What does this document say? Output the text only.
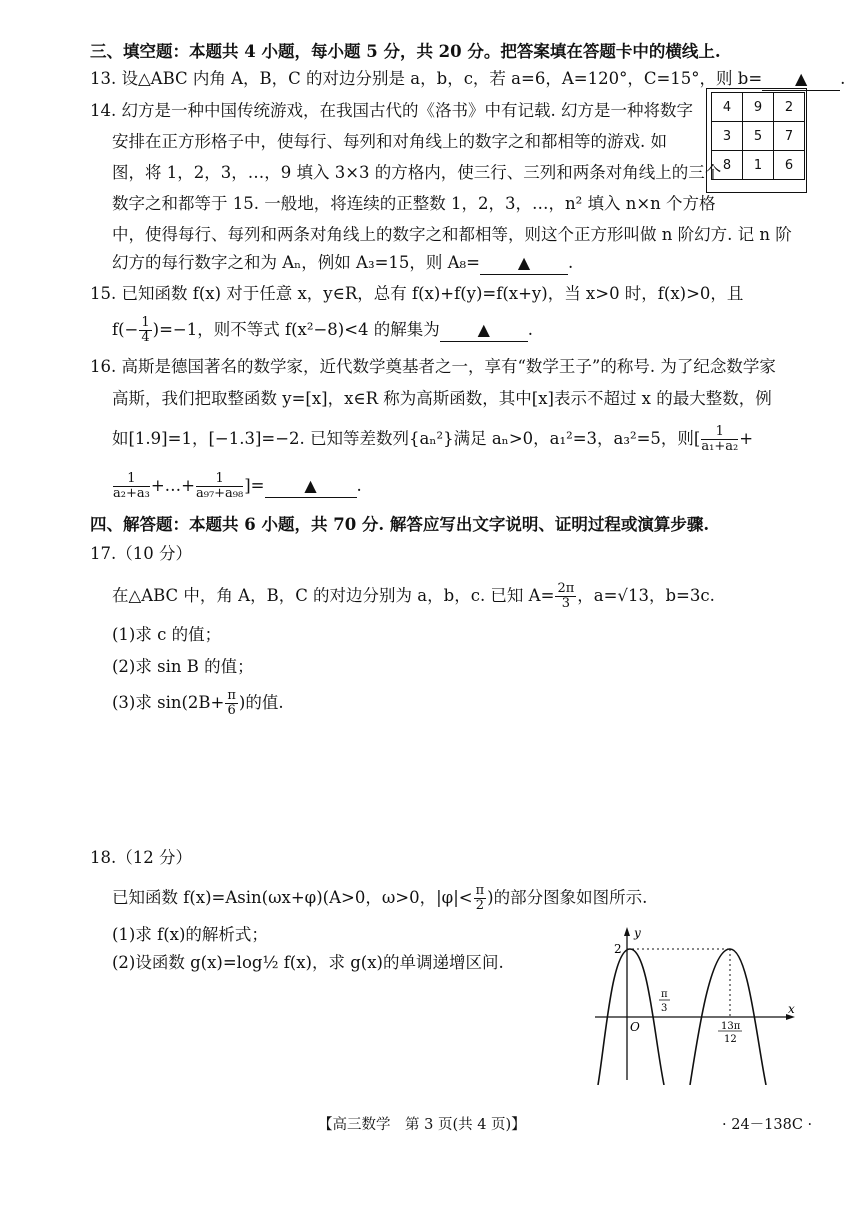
三、填空题：本题共 4 小题，每小题 5 分，共 20 分。把答案填在答题卡中的横线上.
13. 设△ABC 内角 A，B，C 的对边分别是 a，b，c，若 a=6，A=120°，C=15°，则 b= ▲ .
14. 幻方是一种中国传统游戏，在我国古代的《洛书》中有记载. 幻方是一种将数字
安排在正方形格子中，使每行、每列和对角线上的数字之和都相等的游戏. 如
图，将 1，2，3，…，9 填入 3×3 的方格内，使三行、三列和两条对角线上的三个
数字之和都等于 15. 一般地，将连续的正整数 1，2，3，…，n² 填入 n×n 个方格
中，使得每行、每列和两条对角线上的数字之和都相等，则这个正方形叫做 n 阶幻方. 记 n 阶
幻方的每行数字之和为 Aₙ，例如 A₃=15，则 A₈= ▲ .
4	9	2
3	5	7
8	1	6
15. 已知函数 f(x) 对于任意 x，y∈R，总有 f(x)+f(y)=f(x+y)，当 x>0 时，f(x)>0，且
$f(- \frac{1}{4} )=-1$，则不等式 f(x²−8)<4 的解集为 ▲ .
16. 高斯是德国著名的数学家，近代数学奠基者之一，享有“数学王子”的称号. 为了纪念数学家
高斯，我们把取整函数 y=[x]，x∈R 称为高斯函数，其中[x]表示不超过 x 的最大整数，例
如[1.9]=1，[−1.3]=−2. 已知等差数列{aₙ²}满足 aₙ>0，a₁²=3，a₃²=5，则[ $\frac{1}{\text{a₁+a₂}}$ +
$\frac{1}{\text{a₂+a₃}}$ +…+ $\frac{1}{\text{a₉₇+a₉₈}}$ ]= ▲ .
四、解答题：本题共 6 小题，共 70 分. 解答应写出文字说明、证明过程或演算步骤.
17.（10 分）
在△ABC 中，角 A，B，C 的对边分别为 a，b，c. 已知 $A= \frac{2\pi}{3}$ ，a=√13，b=3c.
(1)求 c 的值；
(2)求 sin B 的值；
(3)求 $\sin(2B+ \frac{\pi}{6}$ )的值.
18.（12 分）
已知函数 f(x)=Asin(ωx+φ)(A>0，ω>0，$|\varphi|< \frac{\pi}{2}$ )的部分图象如图所示.
(1)求 f(x)的解析式；
(2)设函数 g(x)=log½ f(x)，求 g(x)的单调递增区间.
y
x
2
O
π
3
13π
12
【高三数学　第 3 页(共 4 页)】	· 24－138C ·
